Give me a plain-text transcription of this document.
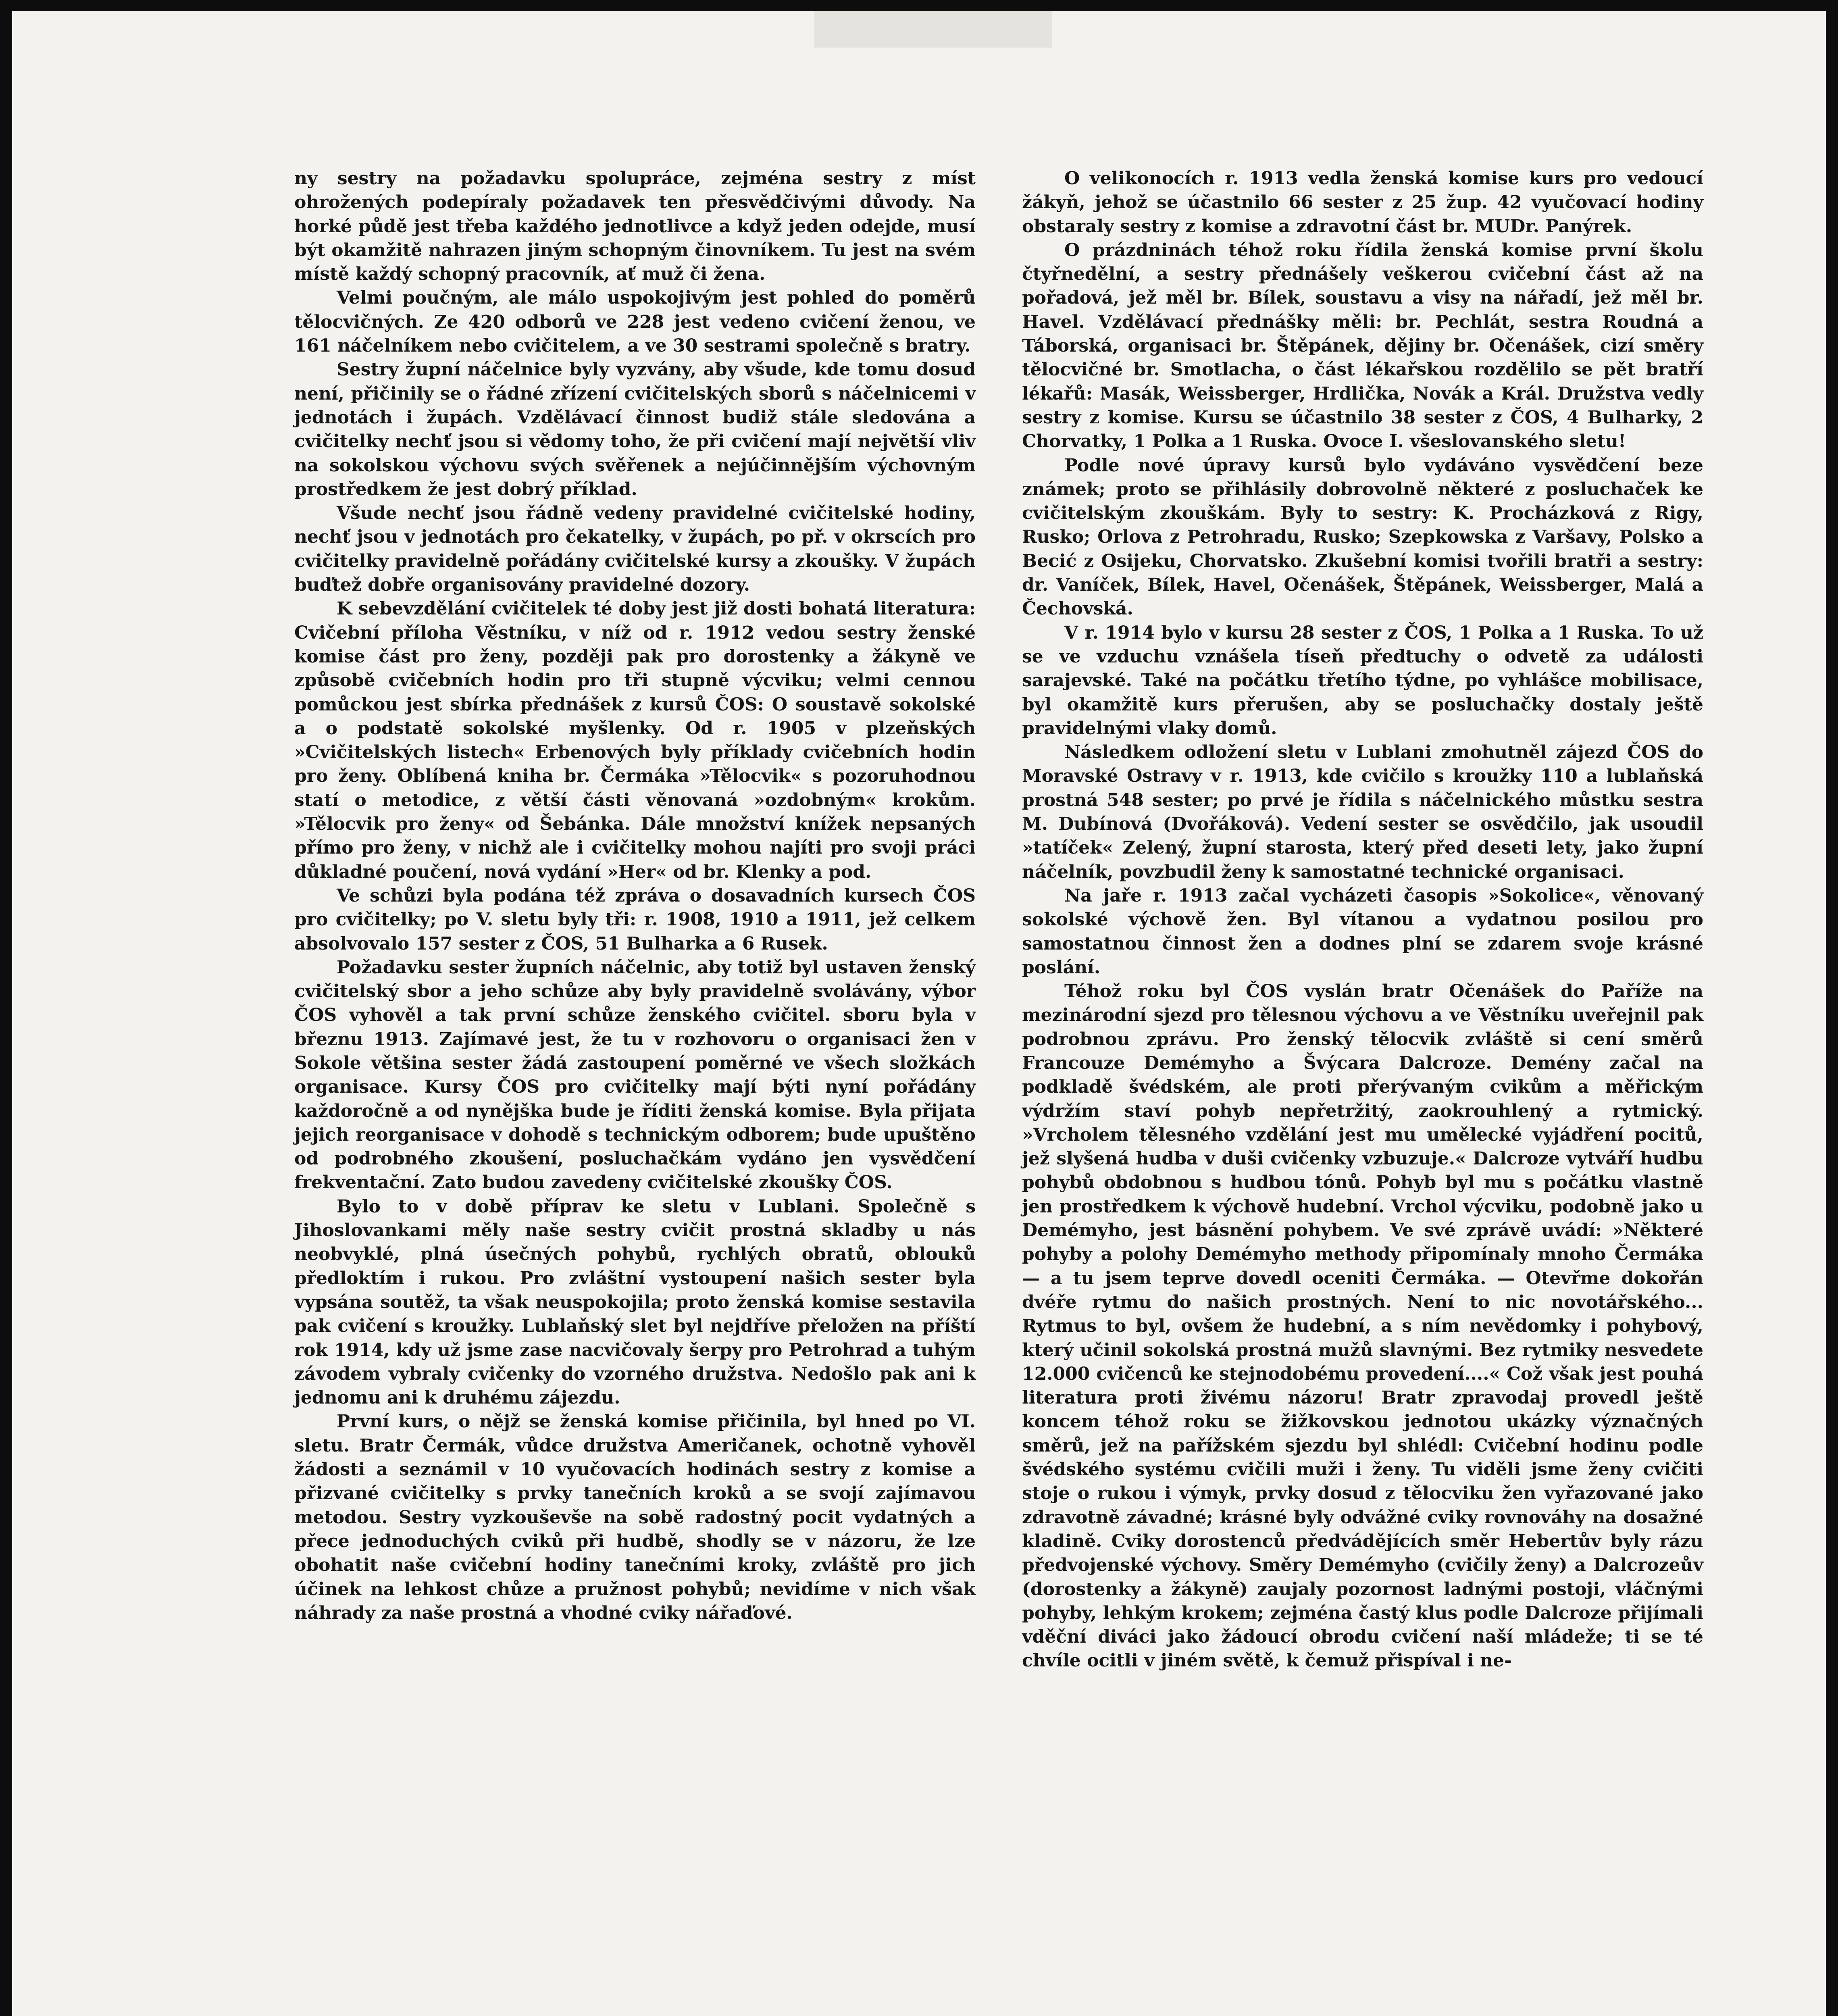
ny sestry na požadavku spolupráce, zejména sestry z míst ohrožených podepíraly požadavek ten přesvědčivými důvody. Na horké půdě jest třeba každého jednotlivce a když jeden odejde, musí být okamžitě nahrazen jiným schopným činovníkem. Tu jest na svém místě každý schopný pracovník, ať muž či žena.

Velmi poučným, ale málo uspokojivým jest pohled do poměrů tělocvičných. Ze 420 odborů ve 228 jest vedeno cvičení ženou, ve 161 náčelníkem nebo cvičitelem, a ve 30 sestrami společně s bratry.

Sestry župní náčelnice byly vyzvány, aby všude, kde tomu dosud není, přičinily se o řádné zřízení cvičitelských sborů s náčelnicemi v jednotách i župách. Vzdělávací činnost budiž stále sledována a cvičitelky nechť jsou si vědomy toho, že při cvičení mají největší vliv na sokolskou výchovu svých svěřenek a nejúčinnějším výchovným prostředkem že jest dobrý příklad.

Všude nechť jsou řádně vedeny pravidelné cvičitelské hodiny, nechť jsou v jednotách pro čekatelky, v župách, po př. v okrscích pro cvičitelky pravidelně pořádány cvičitelské kursy a zkoušky. V župách buďtež dobře organisovány pravidelné dozory.

K sebevzdělání cvičitelek té doby jest již dosti bohatá literatura: Cvičební příloha Věstníku, v níž od r. 1912 vedou sestry ženské komise část pro ženy, později pak pro dorostenky a žákyně ve způsobě cvičebních hodin pro tři stupně výcviku; velmi cennou pomůckou jest sbírka přednášek z kursů ČOS: O soustavě sokolské a o podstatě sokolské myšlenky. Od r. 1905 v plzeňských »Cvičitelských listech« Erbenových byly příklady cvičebních hodin pro ženy. Oblíbená kniha br. Čermáka »Tělocvik« s pozoruhodnou statí o metodice, z větší části věnovaná »ozdobným« krokům. »Tělocvik pro ženy« od Šebánka. Dále množství knížek nepsaných přímo pro ženy, v nichž ale i cvičitelky mohou najíti pro svoji práci důkladné poučení, nová vydání »Her« od br. Klenky a pod.

Ve schůzi byla podána též zpráva o dosavadních kursech ČOS pro cvičitelky; po V. sletu byly tři: r. 1908, 1910 a 1911, jež celkem absolvovalo 157 sester z ČOS, 51 Bulharka a 6 Rusek.

Požadavku sester župních náčelnic, aby totiž byl ustaven ženský cvičitelský sbor a jeho schůze aby byly pravidelně svolávány, výbor ČOS vyhověl a tak první schůze ženského cvičitel. sboru byla v březnu 1913. Zajímavé jest, že tu v rozhovoru o organisaci žen v Sokole většina sester žádá zastoupení poměrné ve všech složkách organisace. Kursy ČOS pro cvičitelky mají býti nyní pořádány každoročně a od nynějška bude je říditi ženská komise. Byla přijata jejich reorganisace v dohodě s technickým odborem; bude upuštěno od podrobného zkoušení, posluchačkám vydáno jen vysvědčení frekventační. Zato budou zavedeny cvičitelské zkoušky ČOS.

Bylo to v době příprav ke sletu v Lublani. Společně s Jihoslovankami měly naše sestry cvičit prostná skladby u nás neobvyklé, plná úsečných pohybů, rychlých obratů, oblouků předloktím i rukou. Pro zvláštní vystoupení našich sester byla vypsána soutěž, ta však neuspokojila; proto ženská komise sestavila pak cvičení s kroužky. Lublaňský slet byl nejdříve přeložen na příští rok 1914, kdy už jsme zase nacvičovaly šerpy pro Petrohrad a tuhým závodem vybraly cvičenky do vzorného družstva. Nedošlo pak ani k jednomu ani k druhému zájezdu.

První kurs, o nějž se ženská komise přičinila, byl hned po VI. sletu. Bratr Čermák, vůdce družstva Američanek, ochotně vyhověl žádosti a seznámil v 10 vyučovacích hodinách sestry z komise a přizvané cvičitelky s prvky tanečních kroků a se svojí zajímavou metodou. Sestry vyzkouševše na sobě radostný pocit vydatných a přece jednoduchých cviků při hudbě, shodly se v názoru, že lze obohatit naše cvičební hodiny tanečními kroky, zvláště pro jich účinek na lehkost chůze a pružnost pohybů; nevidíme v nich však náhrady za naše prostná a vhodné cviky nářaďové.

O velikonocích r. 1913 vedla ženská komise kurs pro vedoucí žákyň, jehož se účastnilo 66 sester z 25 žup. 42 vyučovací hodiny obstaraly sestry z komise a zdravotní část br. MUDr. Panýrek.

O prázdninách téhož roku řídila ženská komise první školu čtyřnedělní, a sestry přednášely veškerou cvičební část až na pořadová, jež měl br. Bílek, soustavu a visy na nářadí, jež měl br. Havel. Vzdělávací přednášky měli: br. Pechlát, sestra Roudná a Táborská, organisaci br. Štěpánek, dějiny br. Očenášek, cizí směry tělocvičné br. Smotlacha, o část lékařskou rozdělilo se pět bratří lékařů: Masák, Weissberger, Hrdlička, Novák a Král. Družstva vedly sestry z komise. Kursu se účastnilo 38 sester z ČOS, 4 Bulharky, 2 Chorvatky, 1 Polka a 1 Ruska. Ovoce I. všeslovanského sletu!

Podle nové úpravy kursů bylo vydáváno vysvědčení beze známek; proto se přihlásily dobrovolně některé z posluchaček ke cvičitelským zkouškám. Byly to sestry: K. Procházková z Rigy, Rusko; Orlova z Petrohradu, Rusko; Szepkowska z Varšavy, Polsko a Becić z Osijeku, Chorvatsko. Zkušební komisi tvořili bratři a sestry: dr. Vaníček, Bílek, Havel, Očenášek, Štěpánek, Weissberger, Malá a Čechovská.

V r. 1914 bylo v kursu 28 sester z ČOS, 1 Polka a 1 Ruska. To už se ve vzduchu vznášela tíseň předtuchy o odvetě za události sarajevské. Také na počátku třetího týdne, po vyhlášce mobilisace, byl okamžitě kurs přerušen, aby se posluchačky dostaly ještě pravidelnými vlaky domů.

Následkem odložení sletu v Lublani zmohutněl zájezd ČOS do Moravské Ostravy v r. 1913, kde cvičilo s kroužky 110 a lublaňská prostná 548 sester; po prvé je řídila s náčelnického můstku sestra M. Dubínová (Dvořáková). Vedení sester se osvědčilo, jak usoudil »tatíček« Zelený, župní starosta, který před deseti lety, jako župní náčelník, povzbudil ženy k samostatné technické organisaci.

Na jaře r. 1913 začal vycházeti časopis »Sokolice«, věnovaný sokolské výchově žen. Byl vítanou a vydatnou posilou pro samostatnou činnost žen a dodnes plní se zdarem svoje krásné poslání.

Téhož roku byl ČOS vyslán bratr Očenášek do Paříže na mezinárodní sjezd pro tělesnou výchovu a ve Věstníku uveřejnil pak podrobnou zprávu. Pro ženský tělocvik zvláště si cení směrů Francouze Demémyho a Švýcara Dalcroze. Demény začal na podkladě švédském, ale proti přerývaným cvikům a měřickým výdržím staví pohyb nepřetržitý, zaokrouhlený a rytmický. »Vrcholem tělesného vzdělání jest mu umělecké vyjádření pocitů, jež slyšená hudba v duši cvičenky vzbuzuje.« Dalcroze vytváří hudbu pohybů obdobnou s hudbou tónů. Pohyb byl mu s počátku vlastně jen prostředkem k výchově hudební. Vrchol výcviku, podobně jako u Demémyho, jest básnění pohybem. Ve své zprávě uvádí: »Některé pohyby a polohy Demémyho methody připomínaly mnoho Čermáka — a tu jsem teprve dovedl oceniti Čermáka. — Otevřme dokořán dvéře rytmu do našich prostných. Není to nic novotářského... Rytmus to byl, ovšem že hudební, a s ním nevědomky i pohybový, který učinil sokolská prostná mužů slavnými. Bez rytmiky nesvedete 12.000 cvičenců ke stejnodobému provedení....« Což však jest pouhá literatura proti živému názoru! Bratr zpravodaj provedl ještě koncem téhož roku se žižkovskou jednotou ukázky význačných směrů, jež na pařížském sjezdu byl shlédl: Cvičební hodinu podle švédského systému cvičili muži i ženy. Tu viděli jsme ženy cvičiti stoje o rukou i výmyk, prvky dosud z tělocviku žen vyřazované jako zdravotně závadné; krásné byly odvážné cviky rovnováhy na dosažné kladině. Cviky dorostenců předvádějících směr Hebertův byly rázu předvojenské výchovy. Směry Demémyho (cvičily ženy) a Dalcrozeův (dorostenky a žákyně) zaujaly pozornost ladnými postoji, vláčnými pohyby, lehkým krokem; zejména častý klus podle Dalcroze přijímali vděční diváci jako žádoucí obrodu cvičení naší mládeže; ti se té chvíle ocitli v jiném světě, k čemuž přispíval i ne-
